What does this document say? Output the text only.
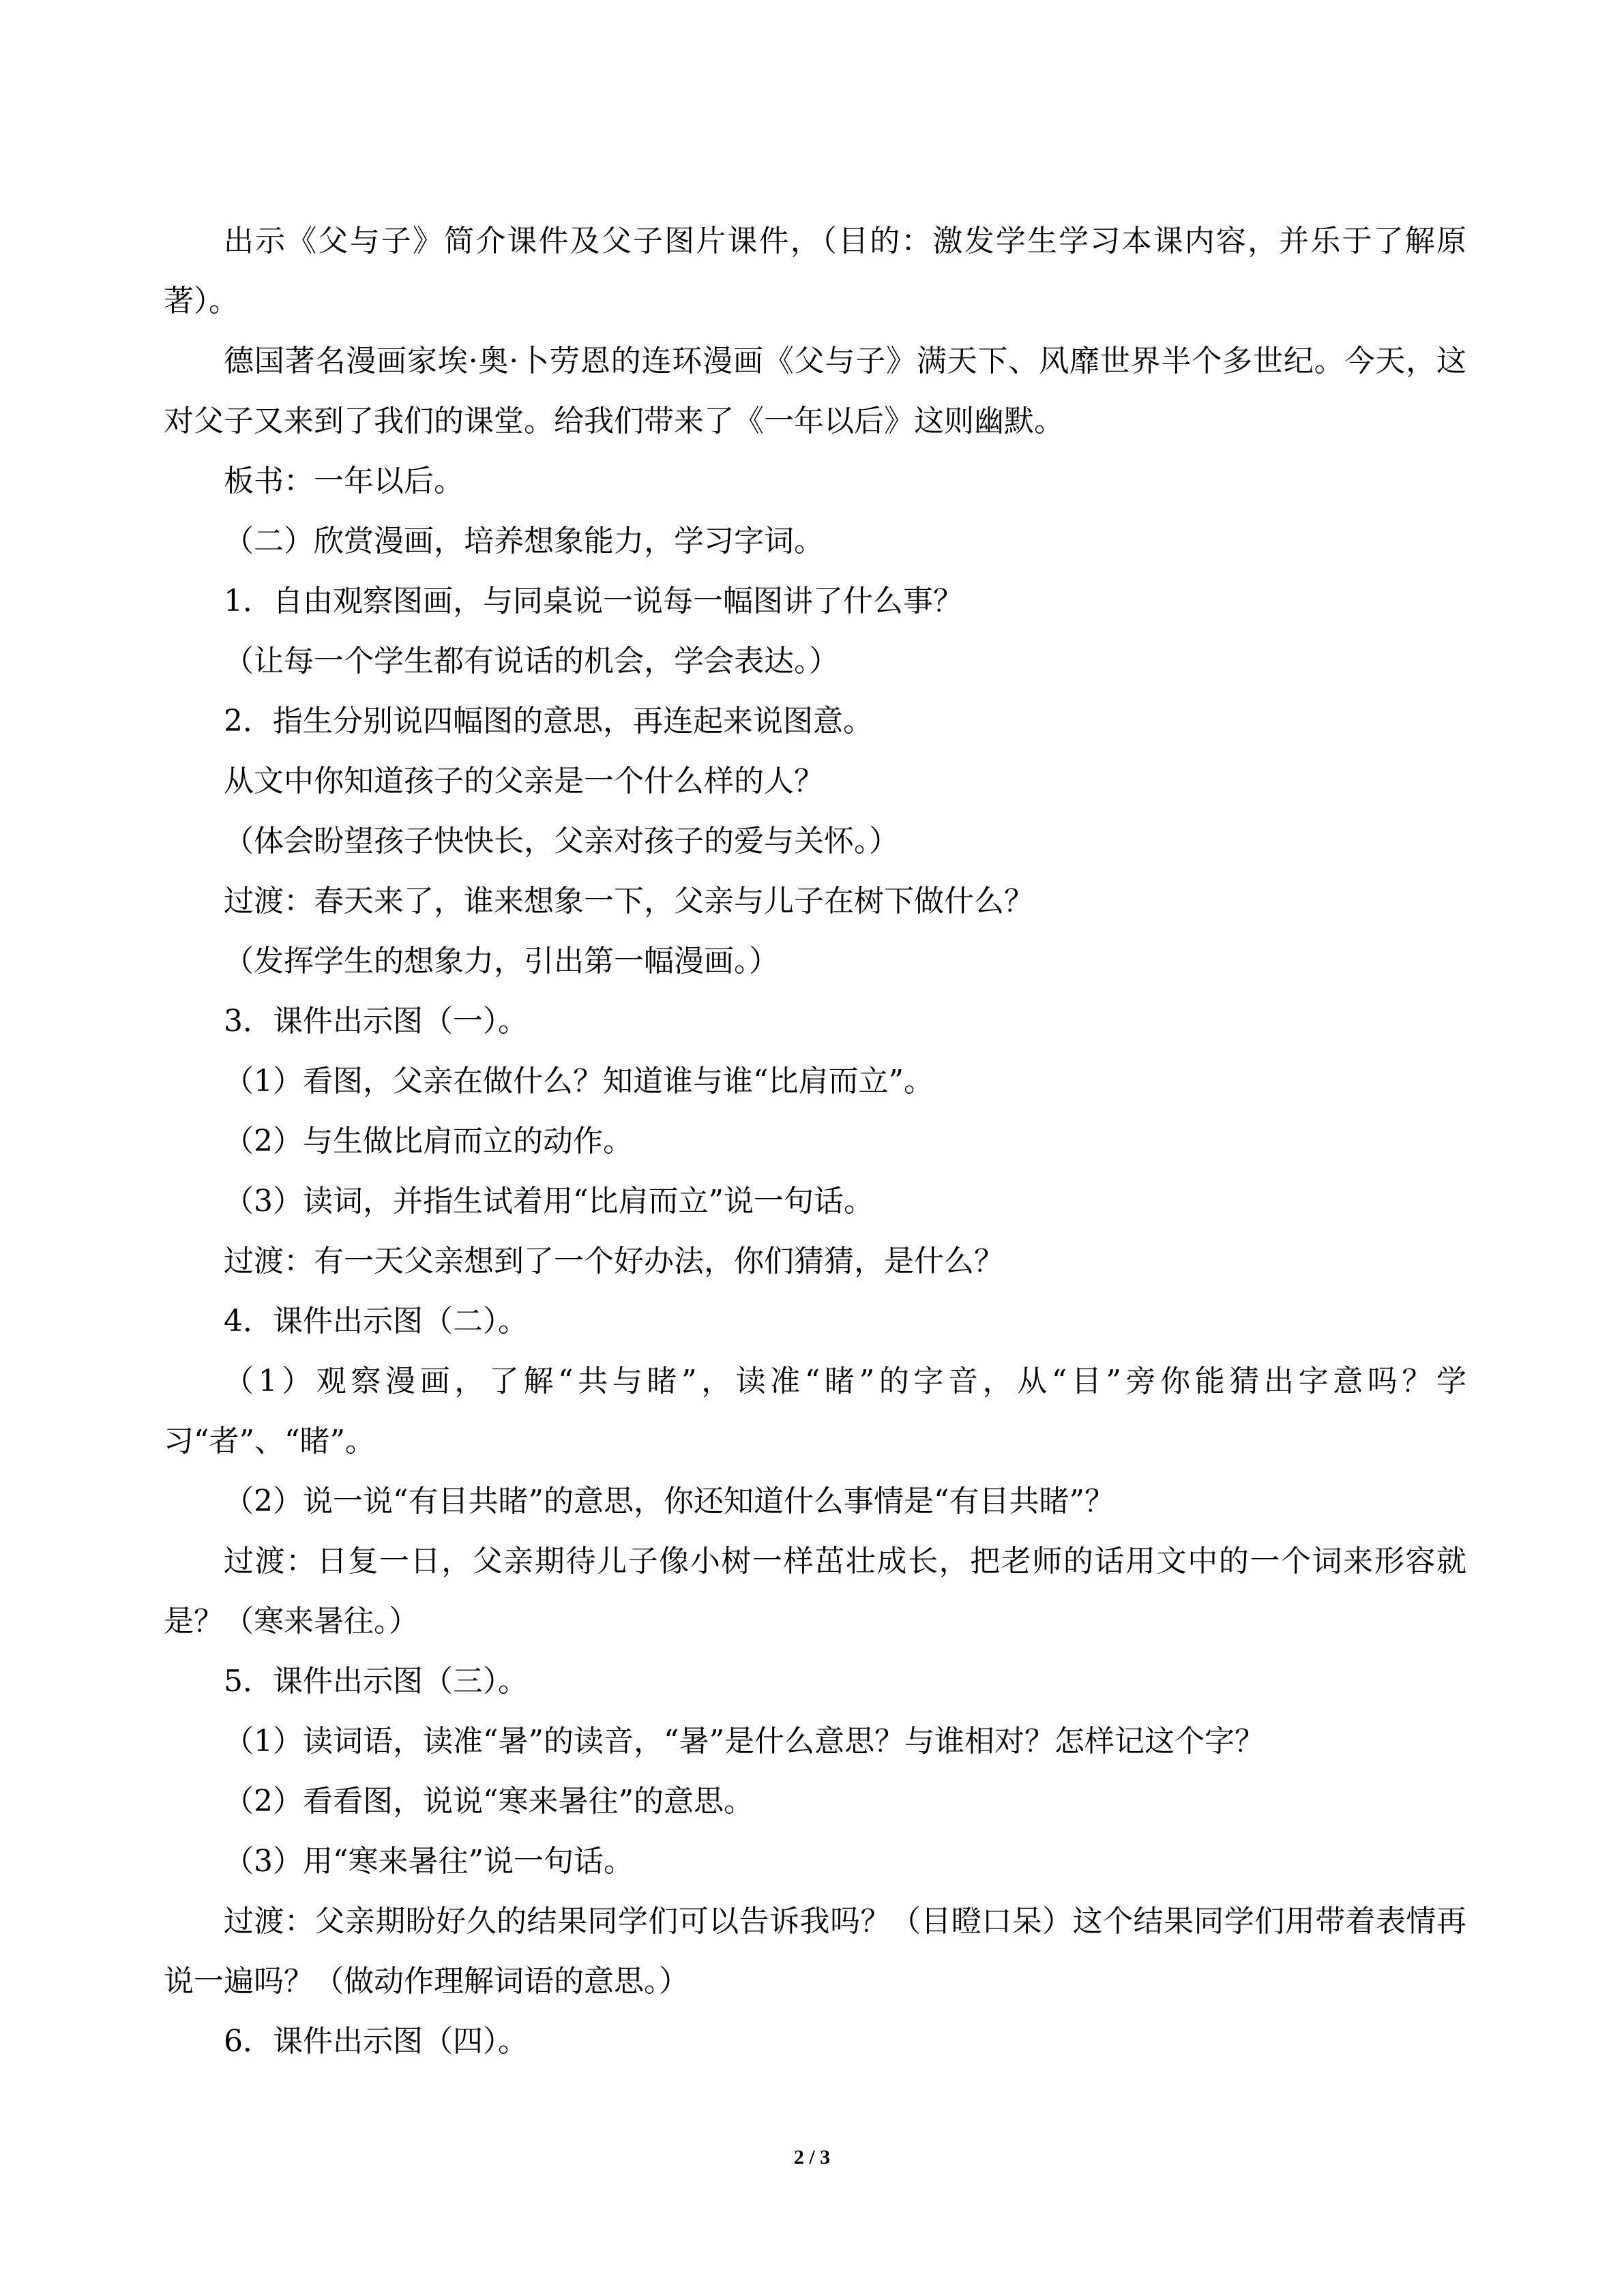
出示《父与子》简介课件及父子图片课件，（目的：激发学生学习本课内容，并乐于了解原著）。

德国著名漫画家埃·奥·卜劳恩的连环漫画《父与子》满天下、风靡世界半个多世纪。今天，这对父子又来到了我们的课堂。给我们带来了《一年以后》这则幽默。

板书：一年以后。

（二）欣赏漫画，培养想象能力，学习字词。

1．自由观察图画，与同桌说一说每一幅图讲了什么事？

（让每一个学生都有说话的机会，学会表达。）

2．指生分别说四幅图的意思，再连起来说图意。

从文中你知道孩子的父亲是一个什么样的人？

（体会盼望孩子快快长，父亲对孩子的爱与关怀。）

过渡：春天来了，谁来想象一下，父亲与儿子在树下做什么？

（发挥学生的想象力，引出第一幅漫画。）

3．课件出示图（一）。

（1）看图，父亲在做什么？知道谁与谁“比肩而立”。

（2）与生做比肩而立的动作。

（3）读词，并指生试着用“比肩而立”说一句话。

过渡：有一天父亲想到了一个好办法，你们猜猜，是什么？

4．课件出示图（二）。

（1）观察漫画，了解“共与睹”，读准“睹”的字音，从“目”旁你能猜出字意吗？学习“者”、“睹”。

（2）说一说“有目共睹”的意思，你还知道什么事情是“有目共睹”？

过渡：日复一日，父亲期待儿子像小树一样茁壮成长，把老师的话用文中的一个词来形容就是？（寒来暑往。）

5．课件出示图（三）。

（1）读词语，读准“暑”的读音，“暑”是什么意思？与谁相对？怎样记这个字？

（2）看看图，说说“寒来暑往”的意思。

（3）用“寒来暑往”说一句话。

过渡：父亲期盼好久的结果同学们可以告诉我吗？（目瞪口呆）这个结果同学们用带着表情再说一遍吗？（做动作理解词语的意思。）

6．课件出示图（四）。

2 / 3
